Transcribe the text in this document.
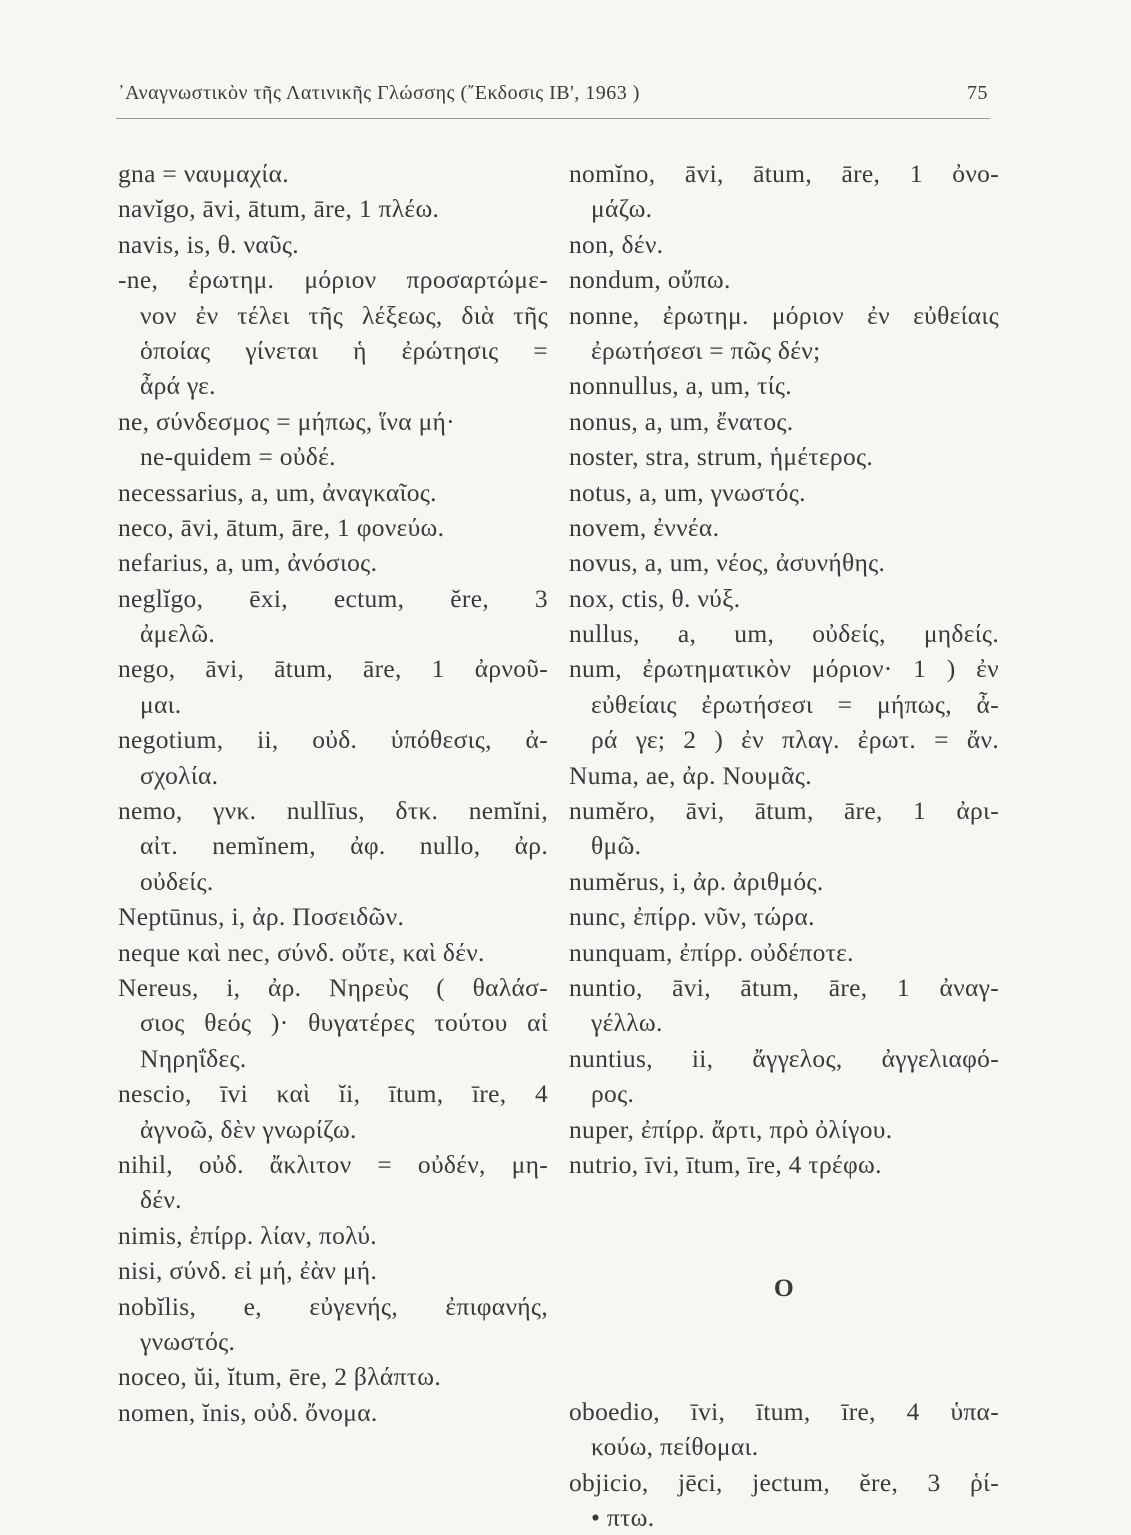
᾿Αναγνωστικὸν τῆς Λατινικῆς Γλώσσης (῎Εκδοσις ΙΒ', 1963 )	75
gna = ναυμαχία.
navĭgo, āvi, ātum, āre, 1 πλέω.
navis, is, θ. ναῦς.
-ne, ἐρωτημ. μόριον προσαρτώμε-
νον ἐν τέλει τῆς λέξεως, διὰ τῆς
ὁποίας γίνεται ἡ ἐρώτησις =
ἆρά γε.
ne, σύνδεσμος = μήπως, ἵνα μή·
ne-quidem = οὐδέ.
necessarius, a, um, ἀναγκαῖος.
neco, āvi, ātum, āre, 1 φονεύω.
nefarius, a, um, ἀνόσιος.
neglĭgo, ēxi, ectum, ĕre, 3
ἀμελῶ.
nego, āvi, ātum, āre, 1 ἀρνοῦ-
μαι.
negotium, ii, οὐδ. ὑπόθεσις, ἀ-
σχολία.
nemo, γνκ. nullīus, δτκ. nemĭni,
αἰτ. nemĭnem, ἀφ. nullo, ἀρ.
οὐδείς.
Neptūnus, i, ἀρ. Ποσειδῶν.
neque καὶ nec, σύνδ. οὔτε, καὶ δέν.
Nereus, i, ἀρ. Νηρεὺς ( θαλάσ-
σιος θεός )· θυγατέρες τούτου αἱ
Νηρηΐδες.
nescio, īvi καὶ ĭi, ītum, īre, 4
ἀγνοῶ, δὲν γνωρίζω.
nihil, οὐδ. ἄκλιτον = οὐδέν, μη-
δέν.
nimis, ἐπίρρ. λίαν, πολύ.
nisi, σύνδ. εἰ μή, ἐὰν μή.
nobĭlis, e, εὐγενής, ἐπιφανής,
γνωστός.
noceo, ŭi, ĭtum, ēre, 2 βλάπτω.
nomen, ĭnis, οὐδ. ὄνομα.
nomĭno, āvi, ātum, āre, 1 ὀνο-
μάζω.
non, δέν.
nondum, οὔπω.
nonne, ἐρωτημ. μόριον ἐν εὐθείαις
ἐρωτήσεσι = πῶς δέν;
nonnullus, a, um, τίς.
nonus, a, um, ἔνατος.
noster, stra, strum, ἡμέτερος.
notus, a, um, γνωστός.
novem, ἐννέα.
novus, a, um, νέος, ἀσυνήθης.
nox, ctis, θ. νύξ.
nullus, a, um, οὐδείς, μηδείς.
num, ἐρωτηματικὸν μόριον· 1 ) ἐν
εὐθείαις ἐρωτήσεσι = μήπως, ἆ-
ρά γε; 2 ) ἐν πλαγ. ἐρωτ. = ἄν.
Numa, ae, ἀρ. Νουμᾶς.
numĕro, āvi, ātum, āre, 1 ἀρι-
θμῶ.
numĕrus, i, ἀρ. ἀριθμός.
nunc, ἐπίρρ. νῦν, τώρα.
nunquam, ἐπίρρ. οὐδέποτε.
nuntio, āvi, ātum, āre, 1 ἀναγ-
γέλλω.
nuntius, ii, ἄγγελος, ἀγγελιαφό-
ρος.
nuper, ἐπίρρ. ἄρτι, πρὸ ὀλίγου.
nutrio, īvi, ītum, īre, 4 τρέφω.
O
oboedio, īvi, ītum, īre, 4 ὑπα-
κούω, πείθομαι.
objicio, jēci, jectum, ĕre, 3 ῥί-
• πτω.
